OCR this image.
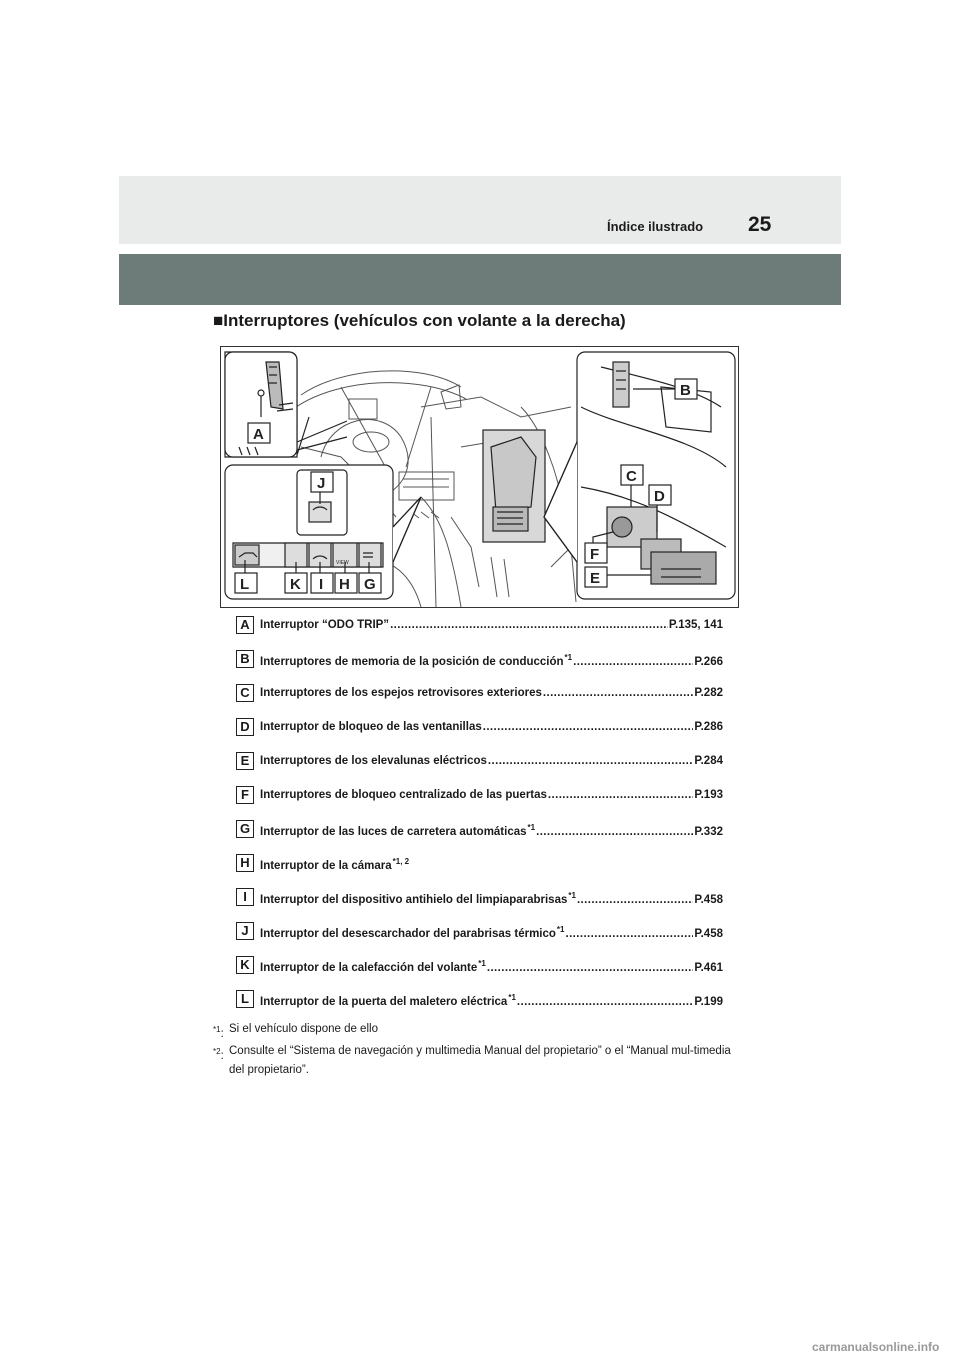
Índice ilustrado 25
■Interruptores (vehículos con volante a la derecha)
VIEW
A
B
C
D
E
F
G
H
I
J
K
L
A Interruptor “ODO TRIP” .....	P.135, 141
B Interruptores de memoria de la posición de conducción$^{*1}$ .....	P.266
C Interruptores de los espejos retrovisores exteriores .....	P.282
D Interruptor de bloqueo de las ventanillas .....	P.286
E Interruptores de los elevalunas eléctricos .....	P.284
F Interruptores de bloqueo centralizado de las puertas .....	P.193
G Interruptor de las luces de carretera automáticas$^{*1}$ .....	P.332
H Interruptor de la cámara$^{*1, 2}$
I	Interruptor del dispositivo antihielo del limpiaparabrisas$^{*1}$ .....	P.458
J Interruptor del desescarchador del parabrisas térmico$^{*1}$ .....	P.458
K Interruptor de la calefacción del volante$^{*1}$ .....	P.461
L Interruptor de la puerta del maletero eléctrica$^{*1}$ .....	P.199
$^{*1}$: Si el vehículo dispone de ello
$^{*2}$: Consulte el “Sistema de navegación y multimedia Manual del propietario” o el “Manual mul-timedia del propietario”.
carmanualsonline.info
